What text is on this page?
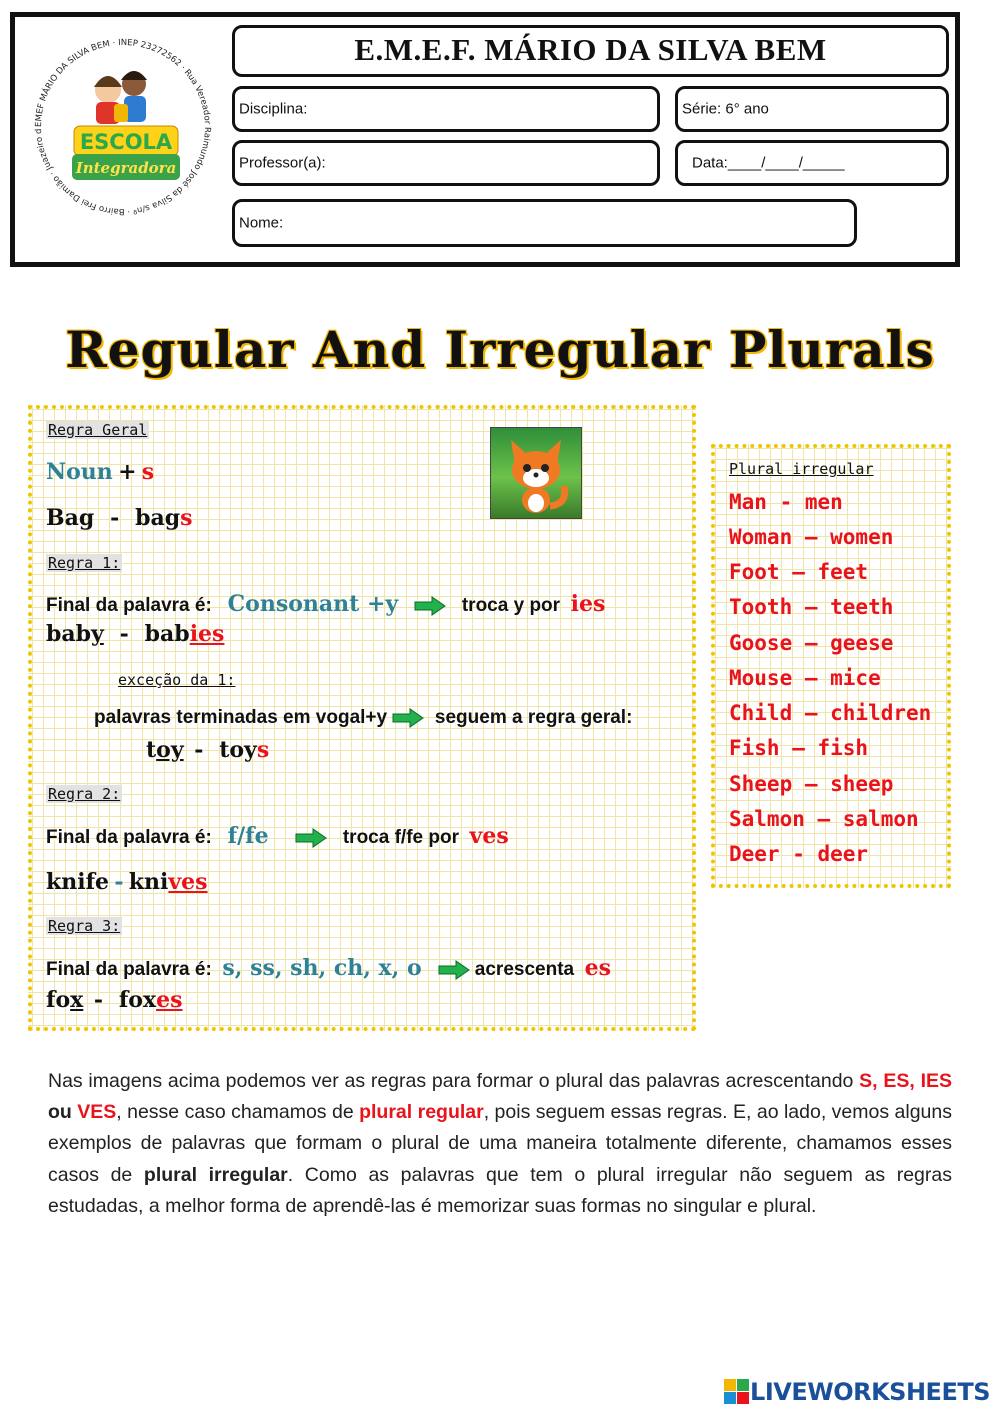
E.M.E.F. MÁRIO DA SILVA BEM
Disciplina:	Série: 6° ano
Professor(a):	Data:____/____/_____
Nome:
EMEF MÁRIO DA SILVA BEM · INEP 23272562 · Rua Vereador Raimundo José da Silva s/nº · Bairro Frei Damião · Juazeiro d	ESCOLA
Integradora
Regular And Irregular Plurals
Regra Geral
Noun + s
Bag - bags
Regra 1:
Final da palavra é: Consonant +y	troca y por ies
baby - babies
exceção da 1:
palavras terminadas em vogal+y	seguem a regra geral:
toy - toys
Regra 2:
Final da palavra é: f/fe	troca f/fe por ves
knife - knives
Regra 3:
Final da palavra é: s, ss, sh, ch, x, o	acrescenta es
fox - foxes
Plural irregular
Man - men
Woman – women
Foot – feet
Tooth – teeth
Goose – geese
Mouse – mice
Child – children
Fish – fish
Sheep – sheep
Salmon – salmon
Deer - deer
Nas imagens acima podemos ver as regras para formar o plural das palavras acrescentando S, ES, IES ou VES, nesse caso chamamos de plural regular, pois seguem essas regras. E, ao lado, vemos alguns exemplos de palavras que formam o plural de uma maneira totalmente diferente, chamamos esses casos de plural irregular. Como as palavras que tem o plural irregular não seguem as regras estudadas, a melhor forma de aprendê-las é memorizar suas formas no singular e plural.
LIVEWORKSHEETS
